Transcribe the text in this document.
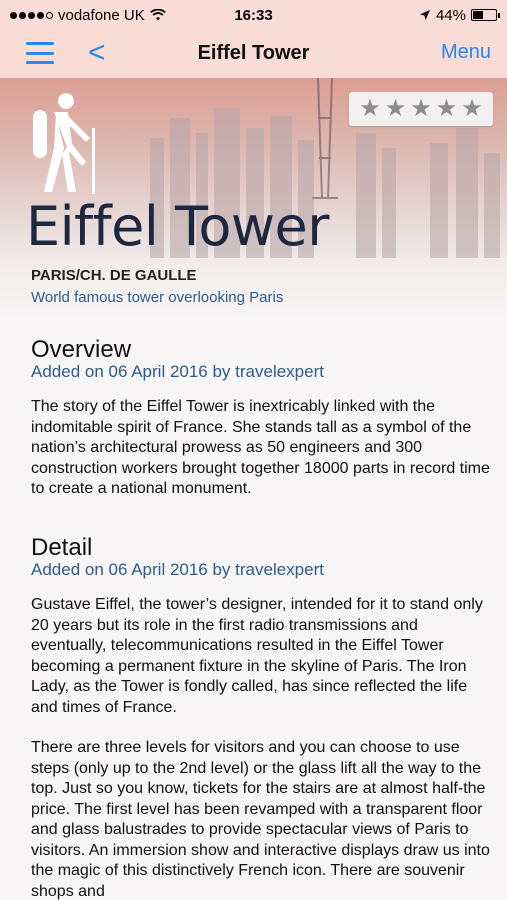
vodafone UK	16:33	44%
<	Eiffel Tower	Menu
★ ★ ★ ★ ★
Eiffel Tower
PARIS/CH. DE GAULLE
World famous tower overlooking Paris
Overview
Added on 06 April 2016 by travelexpert
The story of the Eiffel Tower is inextricably linked with the indomitable spirit of France. She stands tall as a symbol of the nation’s architectural prowess as 50 engineers and 300 construction workers brought together 18000 parts in record time to create a national monument.
Detail
Added on 06 April 2016 by travelexpert
Gustave Eiffel, the tower’s designer, intended for it to stand only 20 years but its role in the first radio transmissions and eventually, telecommunications resulted in the Eiffel Tower becoming a permanent fixture in the skyline of Paris. The Iron Lady, as the Tower is fondly called, has since reflected the life and times of France.
There are three levels for visitors and you can choose to use steps (only up to the 2nd level) or the glass lift all the way to the top. Just so you know, tickets for the stairs are at almost half-the price. The first level has been revamped with a transparent floor and glass balustrades to provide spectacular views of Paris to visitors. An immersion show and interactive displays draw us into the magic of this distinctively French icon. There are souvenir shops and
